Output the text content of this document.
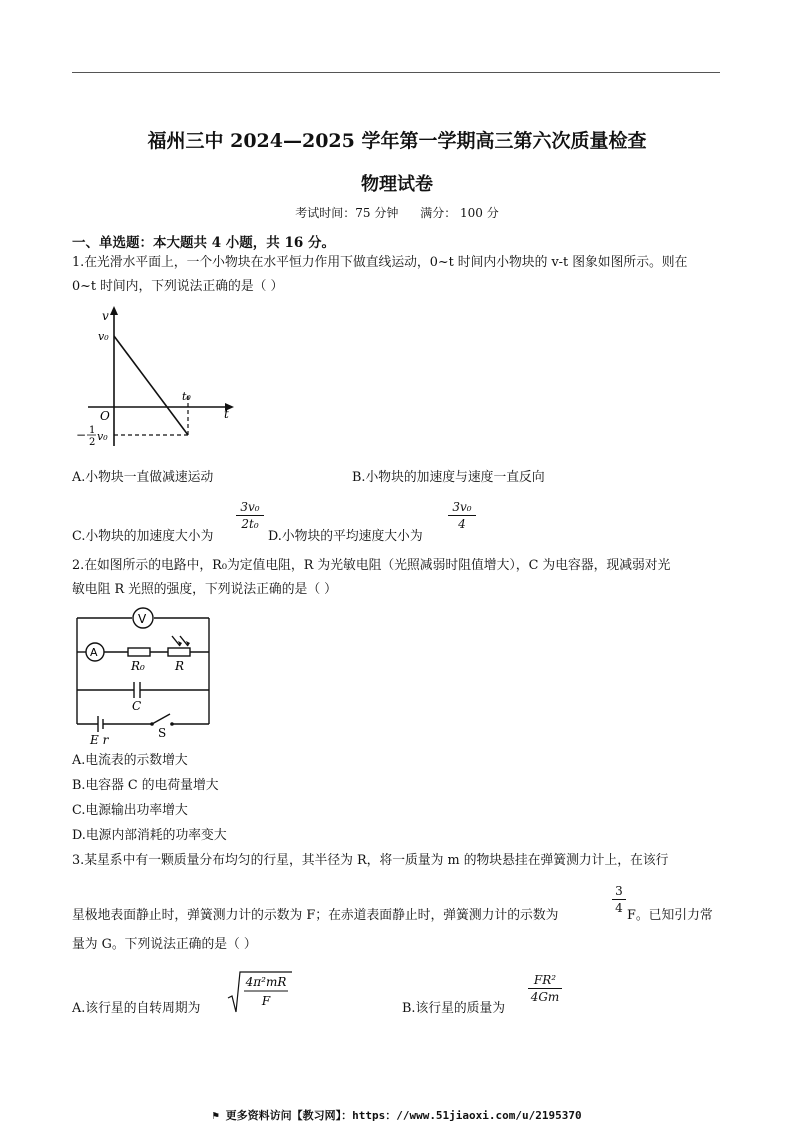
福州三中 2024—2025 学年第一学期高三第六次质量检查
物理试卷
考试时间：75 分钟 满分： 100 分
一、单选题：本大题共 4 小题，共 16 分。
1.在光滑水平面上，一个小物块在水平恒力作用下做直线运动，0~t 时间内小物块的 v-t 图象如图所示。则在
0~t 时间内，下列说法正确的是（ ）
v
v₀
O
t₀
t
− 1
2 v₀
A.小物块一直做减速运动	B.小物块的加速度与速度一直反向
C.小物块的加速度大小为
3v₀
2t₀
D.小物块的平均速度大小为
3v₀
4
2.在如图所示的电路中，R₀为定值电阻，R 为光敏电阻（光照减弱时阻值增大），C 为电容器，现减弱对光
敏电阻 R 光照的强度，下列说法正确的是（ ）
V
A
R₀	R
C
E r	S
A.电流表的示数增大
B.电容器 C 的电荷量增大
C.电源输出功率增大
D.电源内部消耗的功率变大
3.某星系中有一颗质量分布均匀的行星，其半径为 R，将一质量为 m 的物块悬挂在弹簧测力计上，在该行
星极地表面静止时，弹簧测力计的示数为 F；在赤道表面静止时，弹簧测力计的示数为
3
4 F。已知引力常
量为 G。下列说法正确的是（ ）
A.该行星的自转周期为
4π²mR
F	B.该行星的质量为
FR²
4Gm
⚑ 更多资料访问【教习网】：https：//www.51jiaoxi.com/u/2195370
